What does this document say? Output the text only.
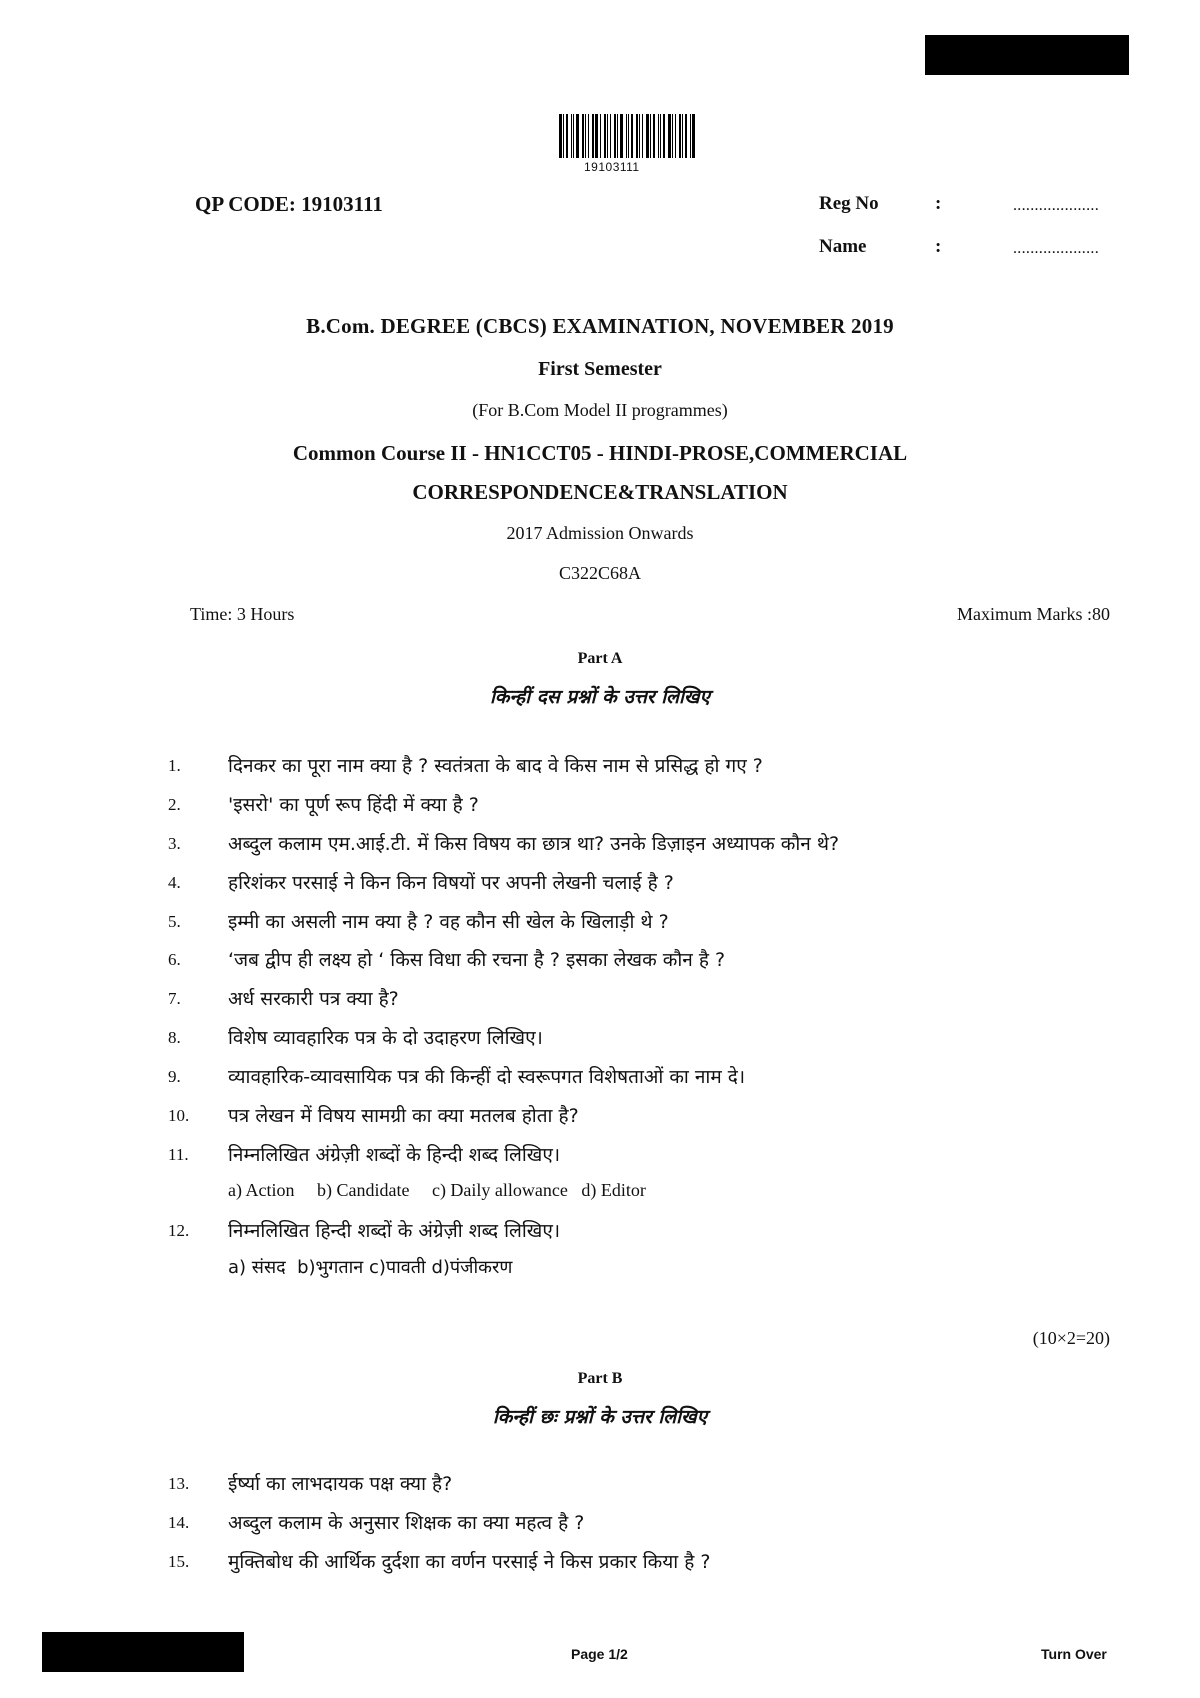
19103111
QP CODE: 19103111	Reg No	:	....................
Name	:	....................
B.Com. DEGREE (CBCS) EXAMINATION, NOVEMBER 2019
First Semester
(For B.Com Model II programmes)
Common Course II - HN1CCT05 - HINDI-PROSE,COMMERCIAL
CORRESPONDENCE&TRANSLATION
2017 Admission Onwards
C322C68A
Time: 3 Hours	Maximum Marks :80
Part A
किन्हीं दस प्रश्नों के उत्तर लिखिए
1.	दिनकर का पूरा नाम क्या है ? स्वतंत्रता के बाद वे किस नाम से प्रसिद्ध हो गए ?
2.	'इसरो' का पूर्ण रूप हिंदी में क्या है ?
3.	अब्दुल कलाम एम.आई.टी. में किस विषय का छात्र था? उनके डिज़ाइन अध्यापक कौन थे?
4.	हरिशंकर परसाई ने किन किन विषयों पर अपनी लेखनी चलाई है ?
5.	इम्मी का असली नाम क्या है ? वह कौन सी खेल के खिलाड़ी थे ?
6.	‘जब द्वीप ही लक्ष्य हो ‘ किस विधा की रचना है ? इसका लेखक कौन है ?
7.	अर्ध सरकारी पत्र क्या है?
8.	विशेष व्यावहारिक पत्र के दो उदाहरण लिखिए।
9.	व्यावहारिक-व्यावसायिक पत्र की किन्हीं दो स्वरूपगत विशेषताओं का नाम दे।
10.	पत्र लेखन में विषय सामग्री का क्या मतलब होता है?
11.	निम्नलिखित अंग्रेज़ी शब्दों के हिन्दी शब्द लिखिए।
12.	निम्नलिखित हिन्दी शब्दों के अंग्रेज़ी शब्द लिखिए।
a) Action     b) Candidate     c) Daily allowance   d) Editor
a) संसद  b)भुगतान c)पावती d)पंजीकरण
(10×2=20)
Part B
किन्हीं छः प्रश्नों के उत्तर लिखिए
13.	ईर्ष्या का लाभदायक पक्ष क्या है?
14.	अब्दुल कलाम के अनुसार शिक्षक का क्या महत्व है ?
15.	मुक्तिबोध की आर्थिक दुर्दशा का वर्णन परसाई ने किस प्रकार किया है ?
Page 1/2	Turn Over
